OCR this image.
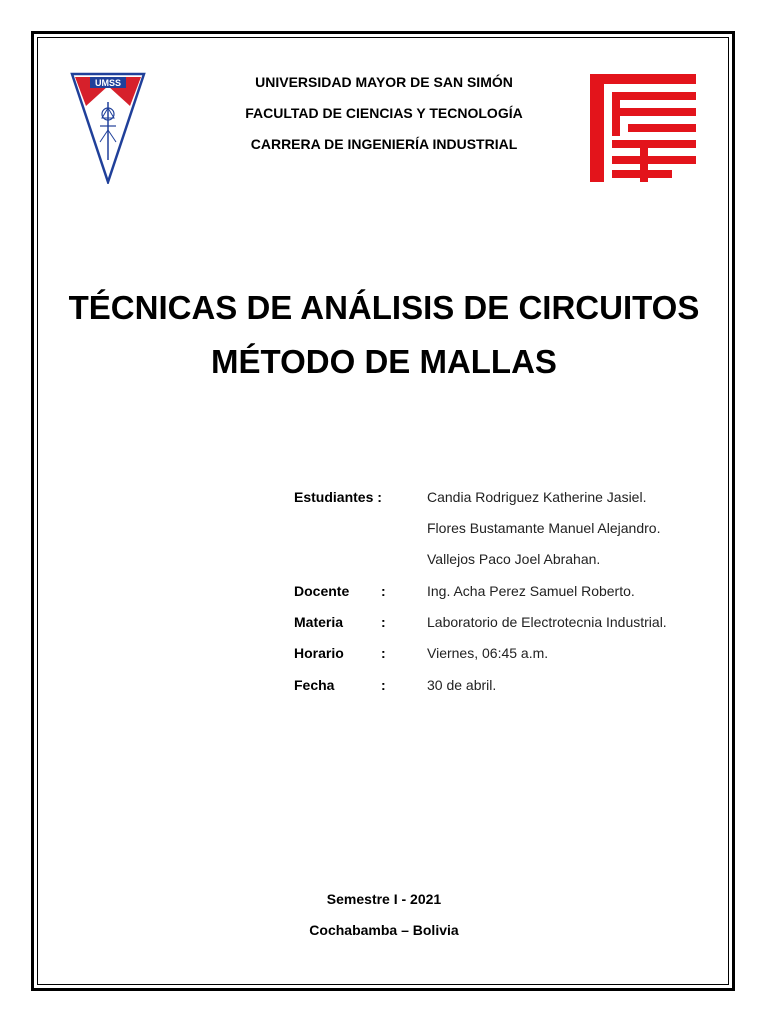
UMSS	UNIVERSIDAD MAYOR DE SAN SIMÓN
FACULTAD DE CIENCIAS Y TECNOLOGÍA
CARRERA DE INGENIERÍA INDUSTRIAL
TÉCNICAS DE ANÁLISIS DE CIRCUITOS
MÉTODO DE MALLAS
Estudiantes :	Candia Rodriguez Katherine Jasiel.
Flores Bustamante Manuel Alejandro.
Vallejos Paco Joel Abrahan.
Docente :	Ing. Acha Perez Samuel Roberto.
Materia	:	Laboratorio de Electrotecnia Industrial.
Horario	:	Viernes, 06:45 a.m.
Fecha	:	30 de abril.
Semestre I - 2021
Cochabamba – Bolivia
